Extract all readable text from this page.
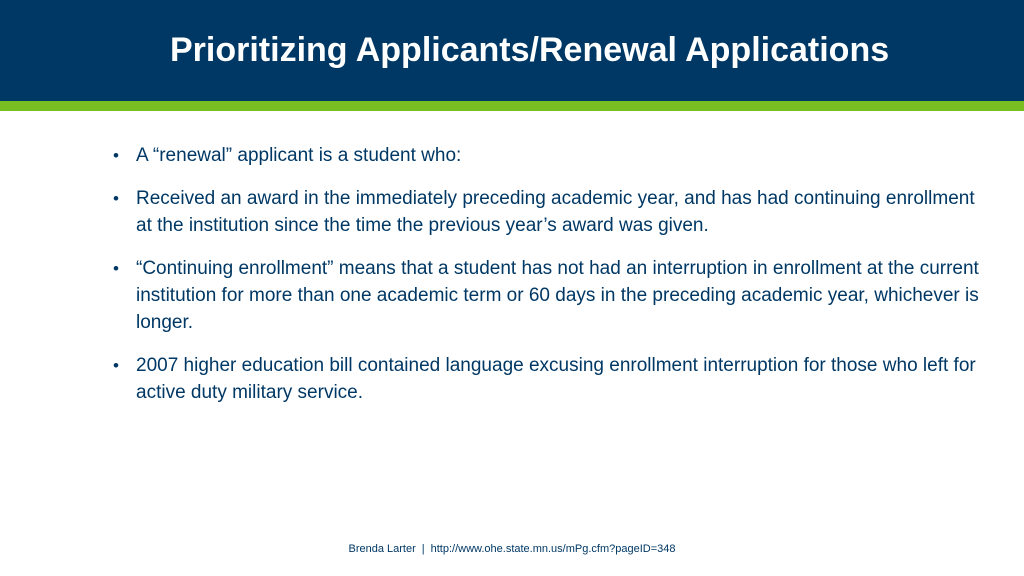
Prioritizing Applicants/Renewal Applications
• A “renewal” applicant is a student who:
• Received an award in the immediately preceding academic year, and has had continuing enrollment at the institution since the time the previous year’s award was given.
• “Continuing enrollment” means that a student has not had an interruption in enrollment at the current institution for more than one academic term or 60 days in the preceding academic year, whichever is longer.
• 2007 higher education bill contained language excusing enrollment interruption for those who left for active duty military service.
Brenda Larter | http://www.ohe.state.mn.us/mPg.cfm?pageID=348
